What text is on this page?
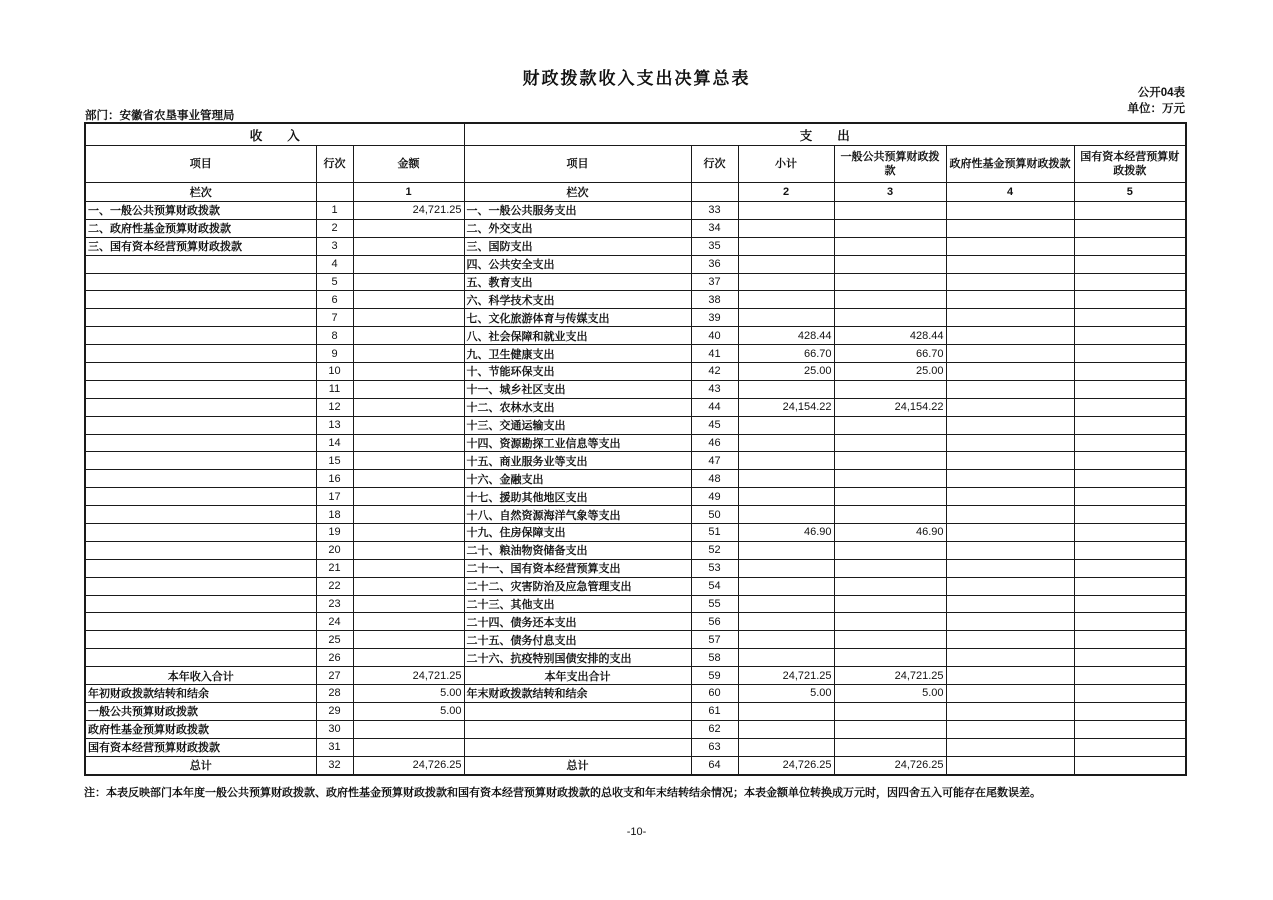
财政拨款收入支出决算总表
公开04表
单位：万元
部门：安徽省农垦事业管理局
收　　入			支　　出					
项目	行次	金额	项目	行次	小计	一般公共预算财政拨款	政府性基金预算财政拨款	国有资本经营预算财政拨款
栏次		1	栏次		2	3	4	5
一、一般公共预算财政拨款	1	24,721.25	一、一般公共服务支出	33				
二、政府性基金预算财政拨款	2		二、外交支出	34				
三、国有资本经营预算财政拨款	3		三、国防支出	35				
	4		四、公共安全支出	36				
	5		五、教育支出	37				
	6		六、科学技术支出	38				
	7		七、文化旅游体育与传媒支出	39				
	8		八、社会保障和就业支出	40	428.44	428.44		
	9		九、卫生健康支出	41	66.70	66.70		
	10		十、节能环保支出	42	25.00	25.00		
	11		十一、城乡社区支出	43				
	12		十二、农林水支出	44	24,154.22	24,154.22		
	13		十三、交通运输支出	45				
	14		十四、资源勘探工业信息等支出	46				
	15		十五、商业服务业等支出	47				
	16		十六、金融支出	48				
	17		十七、援助其他地区支出	49				
	18		十八、自然资源海洋气象等支出	50				
	19		十九、住房保障支出	51	46.90	46.90		
	20		二十、粮油物资储备支出	52				
	21		二十一、国有资本经营预算支出	53				
	22		二十二、灾害防治及应急管理支出	54				
	23		二十三、其他支出	55				
	24		二十四、债务还本支出	56				
	25		二十五、债务付息支出	57				
	26		二十六、抗疫特别国债安排的支出	58				
本年收入合计	27	24,721.25	本年支出合计	59	24,721.25	24,721.25		
年初财政拨款结转和结余	28	5.00	年末财政拨款结转和结余	60	5.00	5.00		
一般公共预算财政拨款	29	5.00		61				
政府性基金预算财政拨款	30			62				
国有资本经营预算财政拨款	31			63				
总计	32	24,726.25	总计	64	24,726.25	24,726.25		
注：本表反映部门本年度一般公共预算财政拨款、政府性基金预算财政拨款和国有资本经营预算财政拨款的总收支和年末结转结余情况；本表金额单位转换成万元时，因四舍五入可能存在尾数误差。
-10-
